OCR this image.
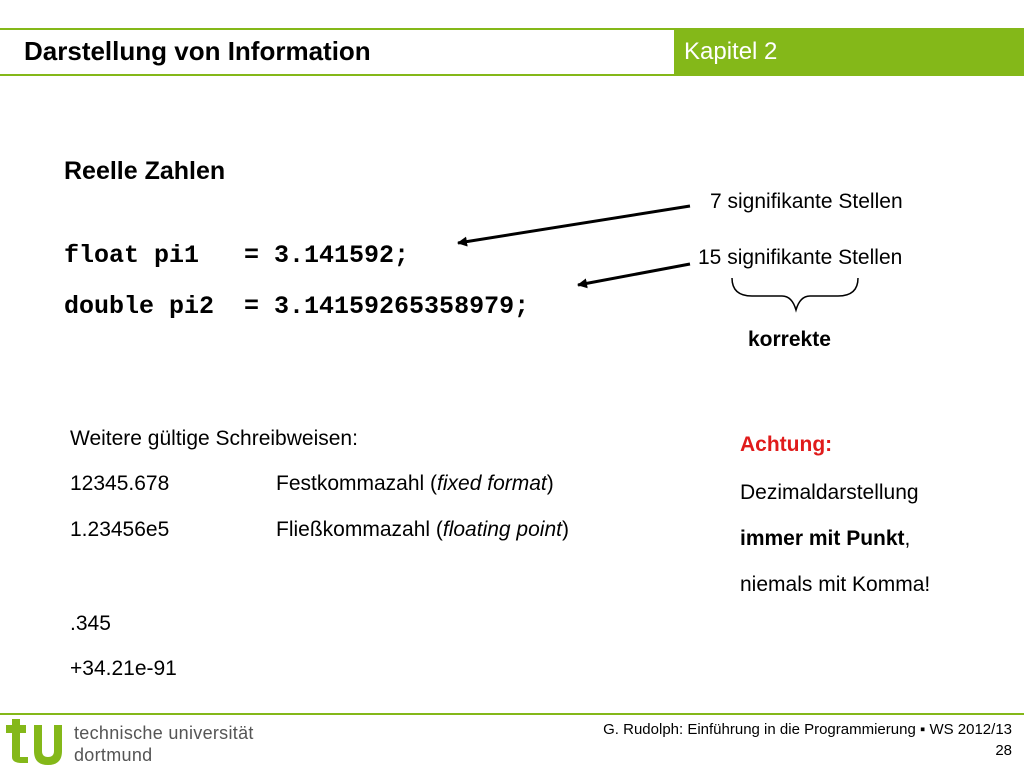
Darstellung von Information	Kapitel 2
Reelle Zahlen
float pi1   = 3.141592;
double pi2  = 3.14159265358979;
7 signifikante Stellen
15 signifikante Stellen
korrekte
Weitere gültige Schreibweisen:
12345.678	Festkommazahl (fixed format)
1.23456e5	Fließkommazahl (floating point)
.345
+34.21e-91
Achtung:
Dezimaldarstellung
immer mit Punkt,
niemals mit Komma!
technische universität
dortmund
G. Rudolph: Einführung in die Programmierung ▪ WS 2012/13
28
